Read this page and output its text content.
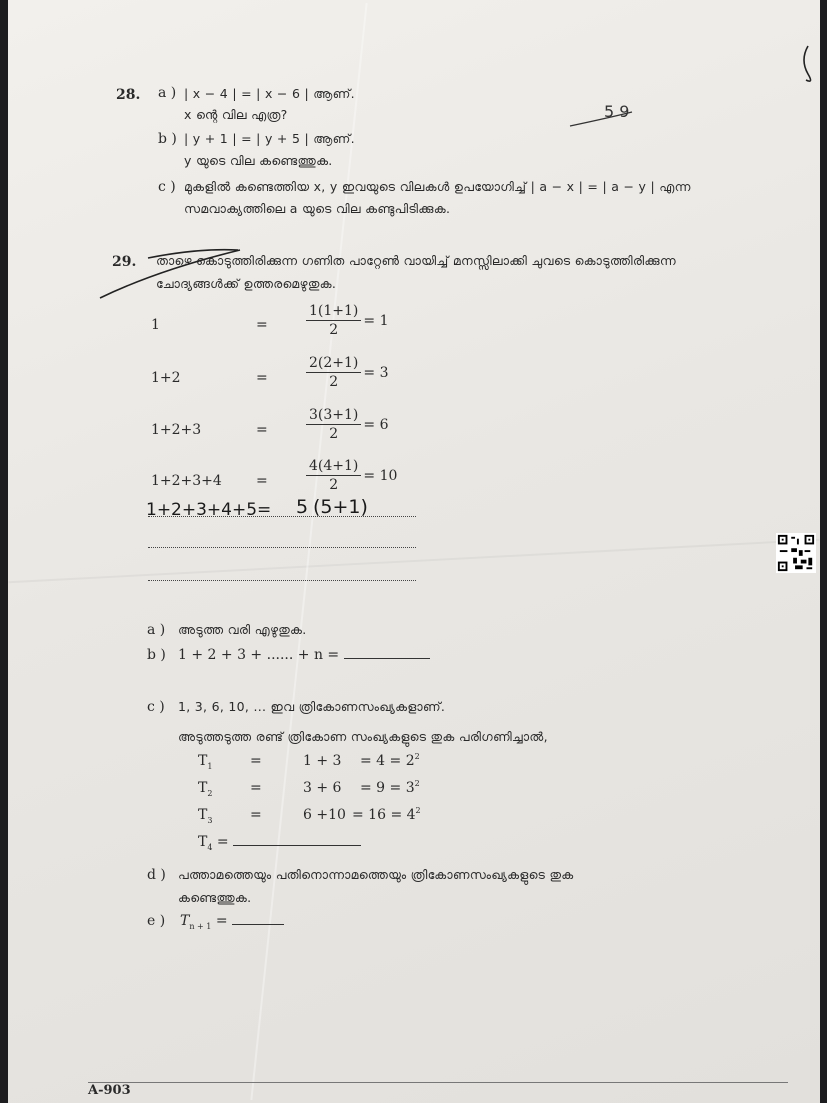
28. a ) | x − 4 | = | x − 6 | ആണ്.
x ന്റെ വില എത്ര?
b ) | y + 1 | = | y + 5 | ആണ്.
y യുടെ വില കണ്ടെത്തുക.
c ) മുകളിൽ കണ്ടെത്തിയ x, y ഇവയുടെ വിലകൾ ഉപയോഗിച്ച് | a − x | = | a − y | എന്ന
സമവാക്യത്തിലെ a യുടെ വില കണ്ടുപിടിക്കുക.
5 9
29. താഴെ കൊടുത്തിരിക്കുന്ന ഗണിത പാറ്റേൺ വായിച്ച് മനസ്സിലാക്കി ചുവടെ കൊടുത്തിരിക്കുന്ന
ചോദ്യങ്ങൾക്ക് ഉത്തരമെഴുതുക.
1	=	$\frac{1(1+1)}{2} = 1$
1+2	=	$\frac{2(2+1)}{2} = 3$
1+2+3	=	$\frac{3(3+1)}{2} = 6$
1+2+3+4 =	$\frac{4(4+1)}{2} = 10$
1+2+3+4+5= 5 (5+1)
a ) അടുത്ത വരി എഴുതുക.
b ) 1 + 2 + 3 + ...... + n =
c ) 1, 3, 6, 10, ... ഇവ ത്രികോണസംഖ്യകളാണ്.
അടുത്തടുത്ത രണ്ട് ത്രികോണ സംഖ്യകളുടെ തുക പരിഗണിച്ചാൽ,
$T_1$	=	$1 + 3 = 4 = 2^2$
$T_2$	=	$3 + 6 = 9 = 3^2$
$T_3$	=	$6 +10 = 16 = 4^2$
$T_4$ =
d ) പത്താമത്തെയും പതിനൊന്നാമത്തെയും ത്രികോണസംഖ്യകളുടെ തുക
കണ്ടെത്തുക.
e ) $T_{n + 1}$ =
A-903
